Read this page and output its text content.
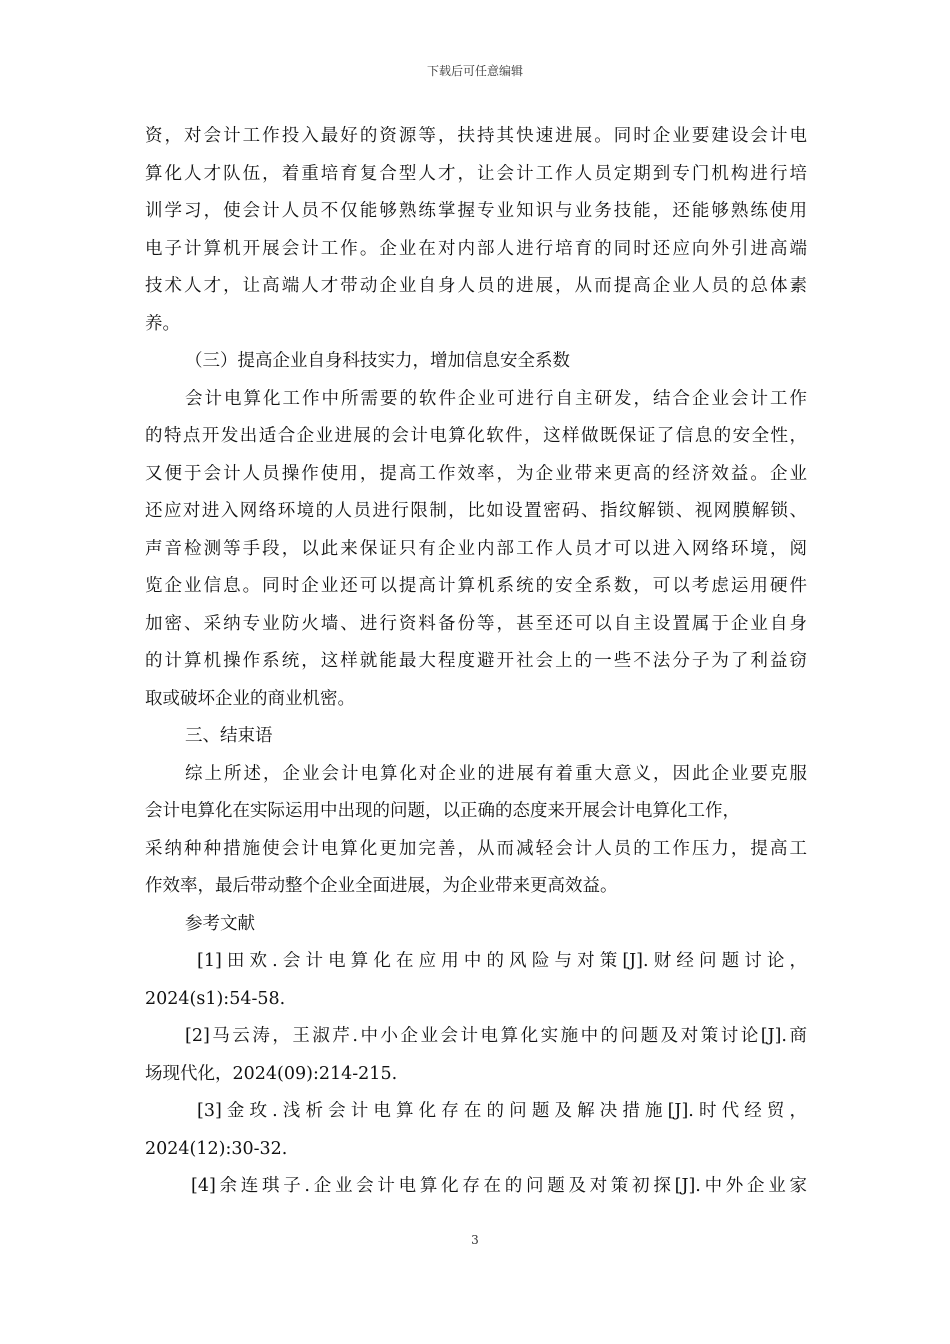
下载后可任意编辑
资，对会计工作投入最好的资源等，扶持其快速进展。同时企业要建设会计电
算化人才队伍，着重培育复合型人才，让会计工作人员定期到专门机构进行培
训学习，使会计人员不仅能够熟练掌握专业知识与业务技能，还能够熟练使用
电子计算机开展会计工作。企业在对内部人进行培育的同时还应向外引进高端
技术人才，让高端人才带动企业自身人员的进展，从而提高企业人员的总体素
养。
（三）提高企业自身科技实力，增加信息安全系数
会计电算化工作中所需要的软件企业可进行自主研发，结合企业会计工作
的特点开发出适合企业进展的会计电算化软件，这样做既保证了信息的安全性，
又便于会计人员操作使用，提高工作效率，为企业带来更高的经济效益。企业
还应对进入网络环境的人员进行限制，比如设置密码、指纹解锁、视网膜解锁、
声音检测等手段，以此来保证只有企业内部工作人员才可以进入网络环境，阅
览企业信息。同时企业还可以提高计算机系统的安全系数，可以考虑运用硬件
加密、采纳专业防火墙、进行资料备份等，甚至还可以自主设置属于企业自身
的计算机操作系统，这样就能最大程度避开社会上的一些不法分子为了利益窃
取或破坏企业的商业机密。
三、结束语
综上所述，企业会计电算化对企业的进展有着重大意义，因此企业要克服
会计电算化在实际运用中出现的问题，以正确的态度来开展会计电算化工作，
采纳种种措施使会计电算化更加完善，从而减轻会计人员的工作压力，提高工
作效率，最后带动整个企业全面进展，为企业带来更高效益。
参考文献
[1]田欢.会计电算化在应用中的风险与对策[J].财经问题讨论，
2024(s1):54-58.
[2]马云涛，王淑芹.中小企业会计电算化实施中的问题及对策讨论[J].商
场现代化，2024(09):214-215.
[3]金玫.浅析会计电算化存在的问题及解决措施[J].时代经贸，
2024(12):30-32.
[4]余连琪子.企业会计电算化存在的问题及对策初探[J].中外企业家
3
